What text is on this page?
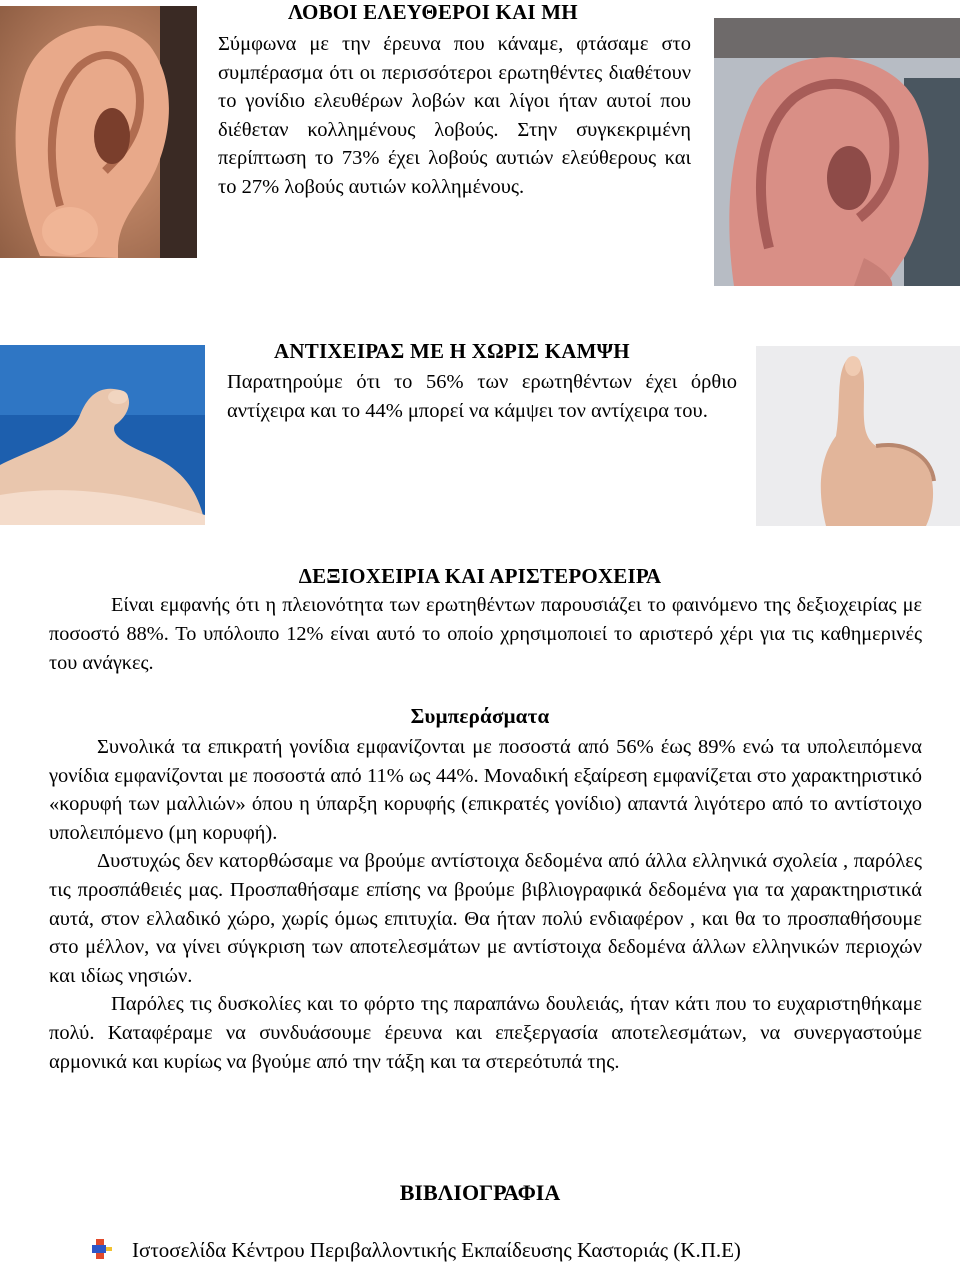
ΛΟΒΟΙ ΕΛΕΥΘΕΡΟΙ ΚΑΙ ΜΗ

Σύμφωνα με την έρευνα που κάναμε, φτάσαμε στο συμπέρασμα ότι οι περισσότεροι ερωτηθέντες διαθέτουν το γονίδιο ελευθέρων λοβών και λίγοι ήταν αυτοί που διέθεταν κολλημένους λοβούς. Στην συγκεκριμένη περίπτωση το 73% έχει λοβούς αυτιών ελεύθερους και το 27% λοβούς αυτιών κολλημένους.

ΑΝΤΙΧΕΙΡΑΣ ΜΕ Η ΧΩΡΙΣ ΚΑΜΨΗ

Παρατηρούμε ότι το 56% των ερωτηθέντων έχει όρθιο αντίχειρα και το 44% μπορεί να κάμψει τον αντίχειρα του.

ΔΕΞΙΟΧΕΙΡΙΑ ΚΑΙ ΑΡΙΣΤΕΡΟΧΕΙΡΑ

Είναι εμφανής ότι η πλειονότητα των ερωτηθέντων παρουσιάζει το φαινόμενο της δεξιοχειρίας με ποσοστό 88%. Το υπόλοιπο 12% είναι αυτό το οποίο χρησιμοποιεί το αριστερό χέρι για τις καθημερινές του ανάγκες.

Συμπεράσματα

Συνολικά τα επικρατή γονίδια εμφανίζονται με ποσοστά από 56% έως 89% ενώ τα υπολειπόμενα γονίδια εμφανίζονται με ποσοστά από 11% ως 44%. Μοναδική εξαίρεση εμφανίζεται στο χαρακτηριστικό «κορυφή των μαλλιών» όπου η ύπαρξη κορυφής (επικρατές γονίδιο) απαντά λιγότερο από το αντίστοιχο υπολειπόμενο (μη κορυφή).

Δυστυχώς δεν κατορθώσαμε να βρούμε αντίστοιχα δεδομένα από άλλα ελληνικά σχολεία , παρόλες τις προσπάθειές μας. Προσπαθήσαμε επίσης να βρούμε βιβλιογραφικά δεδομένα για τα χαρακτηριστικά αυτά, στον ελλαδικό χώρο, χωρίς όμως επιτυχία. Θα ήταν πολύ ενδιαφέρον , και θα το προσπαθήσουμε στο μέλλον, να γίνει σύγκριση των αποτελεσμάτων με αντίστοιχα δεδομένα άλλων ελληνικών περιοχών και ιδίως νησιών.

Παρόλες τις δυσκολίες και το φόρτο της παραπάνω δουλειάς, ήταν κάτι που το ευχαριστηθήκαμε πολύ. Καταφέραμε να συνδυάσουμε έρευνα και επεξεργασία αποτελεσμάτων, να συνεργαστούμε αρμονικά και κυρίως να βγούμε από την τάξη και τα στερεότυπά της.

ΒΙΒΛΙΟΓΡΑΦΙΑ
Ιστοσελίδα Κέντρου Περιβαλλοντικής Εκπαίδευσης Καστοριάς (Κ.Π.Ε)
